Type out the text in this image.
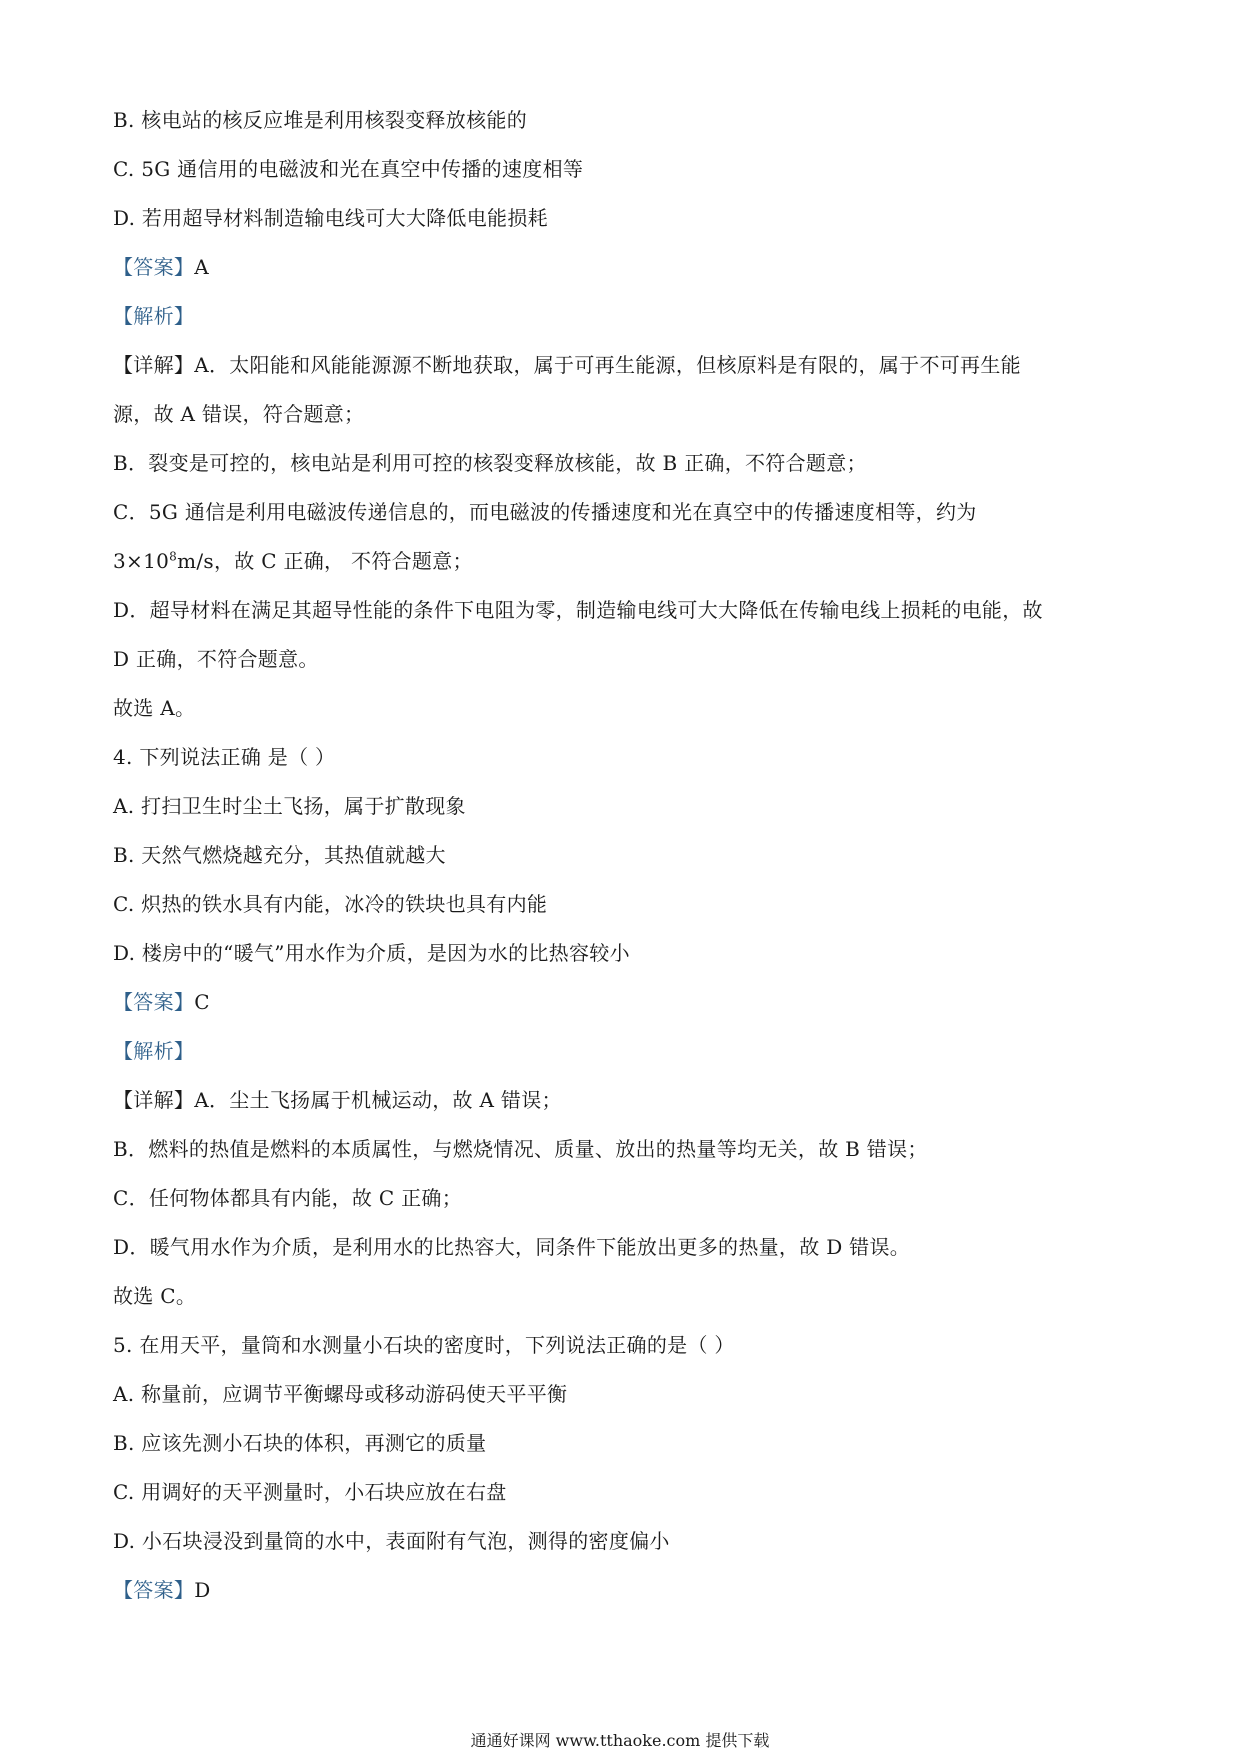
B. 核电站的核反应堆是利用核裂变释放核能的
C. 5G 通信用的电磁波和光在真空中传播的速度相等
D. 若用超导材料制造输电线可大大降低电能损耗
【答案】A
【解析】
【详解】A．太阳能和风能能源源不断地获取，属于可再生能源，但核原料是有限的，属于不可再生能
源，故 A 错误，符合题意；
B．裂变是可控的，核电站是利用可控的核裂变释放核能，故 B 正确，不符合题意；
C．5G 通信是利用电磁波传递信息的，而电磁波的传播速度和光在真空中的传播速度相等，约为
$3\times 10^8m/s$，故 C 正确， 不符合题意；
D．超导材料在满足其超导性能的条件下电阻为零，制造输电线可大大降低在传输电线上损耗的电能，故
D 正确，不符合题意。
故选 A。
4. 下列说法正确 是（ ）
A. 打扫卫生时尘土飞扬，属于扩散现象
B. 天然气燃烧越充分，其热值就越大
C. 炽热的铁水具有内能，冰冷的铁块也具有内能
D. 楼房中的“暖气”用水作为介质，是因为水的比热容较小
【答案】C
【解析】
【详解】A．尘土飞扬属于机械运动，故 A 错误；
B．燃料的热值是燃料的本质属性，与燃烧情况、质量、放出的热量等均无关，故 B 错误；
C．任何物体都具有内能，故 C 正确；
D．暖气用水作为介质，是利用水的比热容大，同条件下能放出更多的热量，故 D 错误。
故选 C。
5. 在用天平，量筒和水测量小石块的密度时，下列说法正确的是（ ）
A. 称量前，应调节平衡螺母或移动游码使天平平衡
B. 应该先测小石块的体积，再测它的质量
C. 用调好的天平测量时，小石块应放在右盘
D. 小石块浸没到量筒的水中，表面附有气泡，测得的密度偏小
【答案】D
通通好课网 www.tthaoke.com 提供下载
